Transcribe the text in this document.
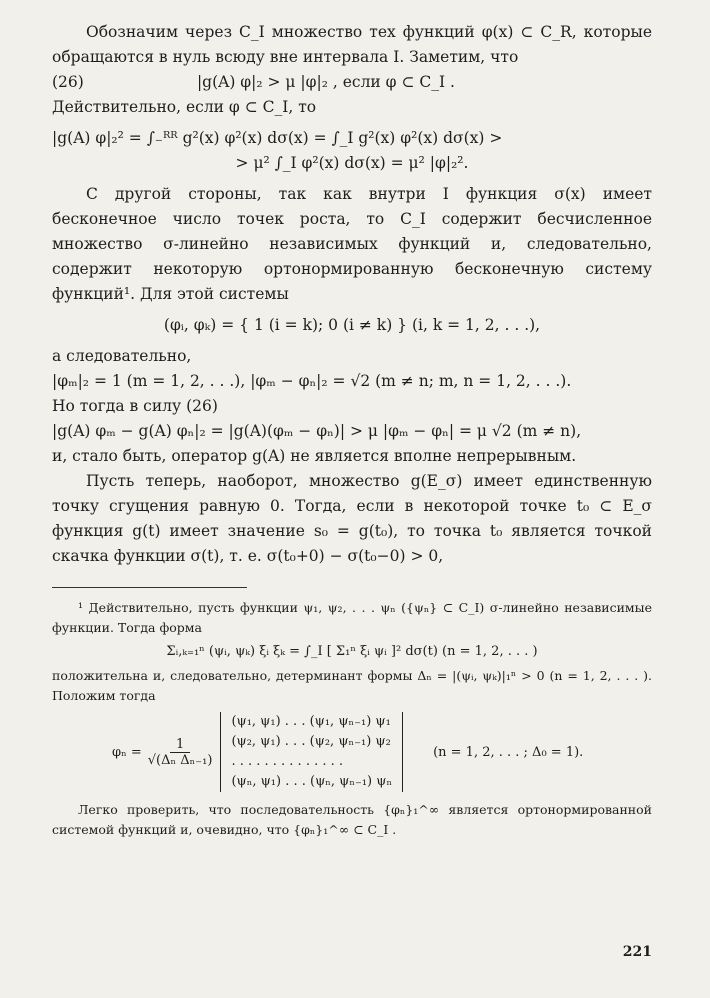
Обозначим через C_I множество тех функций φ(x) ⊂ C_R, которые обращаются в нуль всюду вне интервала I. Заметим, что

(26)	|g(A) φ|₂ > μ |φ|₂ , если φ ⊂ C_I .

Действительно, если φ ⊂ C_I, то

|g(A) φ|₂² = ∫₋ᴿᴿ g²(x) φ²(x) dσ(x) = ∫_I g²(x) φ²(x) dσ(x) >

> μ² ∫_I φ²(x) dσ(x) = μ² |φ|₂².

С другой стороны, так как внутри I функция σ(x) имеет бесконечное число точек роста, то C_I содержит бесчисленное множество σ-линейно независимых функций и, следовательно, содержит некоторую ортонормированную бесконечную систему функций¹. Для этой системы

(φᵢ, φₖ) = { 1 (i = k); 0 (i ≠ k) } (i, k = 1, 2, . . .),

а следовательно,

|φₘ|₂ = 1 (m = 1, 2, . . .), |φₘ − φₙ|₂ = √2 (m ≠ n; m, n = 1, 2, . . .).

Но тогда в силу (26)

|g(A) φₘ − g(A) φₙ|₂ = |g(A)(φₘ − φₙ)| > μ |φₘ − φₙ| = μ √2 (m ≠ n),

и, стало быть, оператор g(A) не является вполне непрерывным.

Пусть теперь, наоборот, множество g(E_σ) имеет единственную точку сгущения равную 0. Тогда, если в некоторой точке t₀ ⊂ E_σ функция g(t) имеет значение s₀ = g(t₀), то точка t₀ является точкой скачка функции σ(t), т. е. σ(t₀+0) − σ(t₀−0) > 0,

¹ Действительно, пусть функции ψ₁, ψ₂, . . . ψₙ ({ψₙ} ⊂ C_I) σ-линейно независимые функции. Тогда форма

Σᵢ,ₖ₌₁ⁿ (ψᵢ, ψₖ) ξᵢ ξₖ = ∫_I [ Σ₁ⁿ ξᵢ ψᵢ ]² dσ(t) (n = 1, 2, . . . )

положительна и, следовательно, детерминант формы Δₙ = |(ψᵢ, ψₖ)|₁ⁿ > 0 (n = 1, 2, . . . ). Положим тогда

$\varphi_n = \frac{1}{\text{√(Δₙ Δₙ₋₁)}}$
(ψ₁, ψ₁) . . . (ψ₁, ψₙ₋₁) ψ₁
(ψ₂, ψ₁) . . . (ψ₂, ψₙ₋₁) ψ₂
. . . . . . . . . . . . . .
(ψₙ, ψ₁) . . . (ψₙ, ψₙ₋₁) ψₙ
(n = 1, 2, . . . ; Δ₀ = 1).

Легко проверить, что последовательность {φₙ}₁^∞ является ортонормированной системой функций и, очевидно, что {φₙ}₁^∞ ⊂ C_I .

221
